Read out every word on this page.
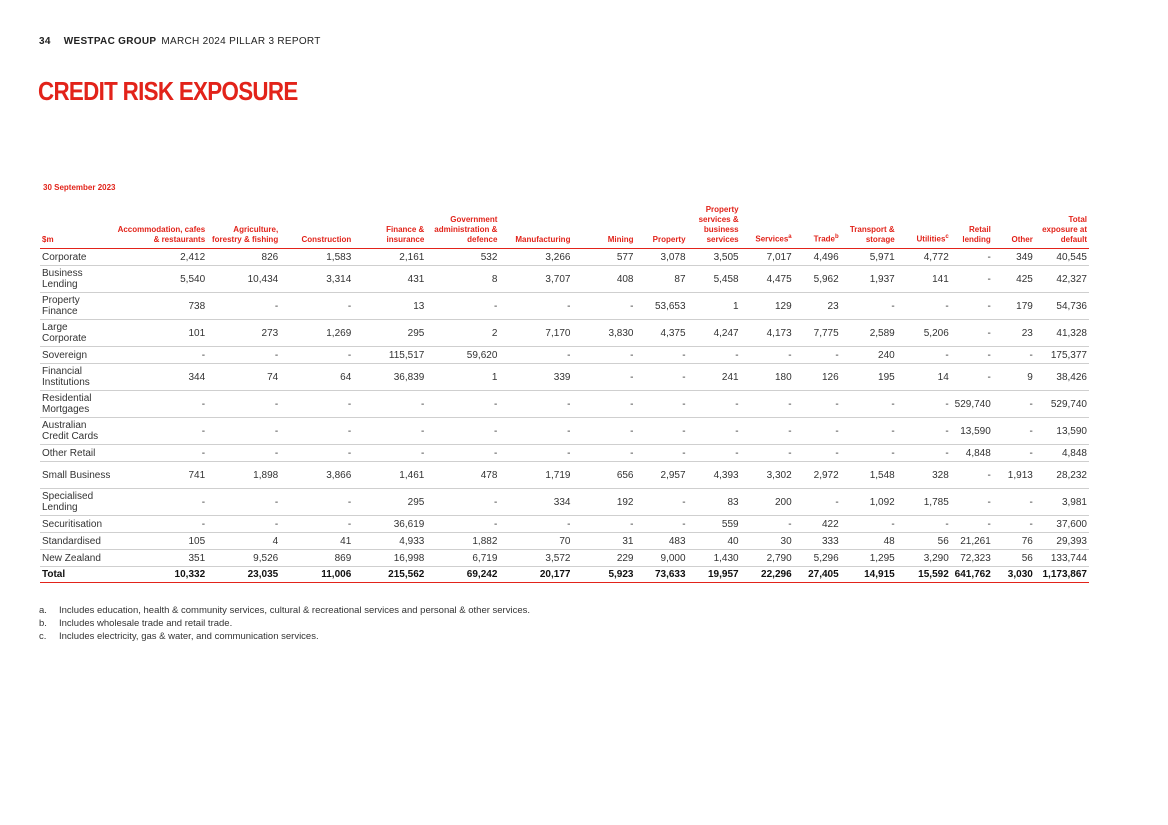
34 WESTPAC GROUP MARCH 2024 PILLAR 3 REPORT
CREDIT RISK EXPOSURE
30 September 2023
$m	Accommodation, cafes & restaurants	Agriculture, forestry & fishing	Construction	Finance & insurance	Government administration & defence	Manufacturing	Mining	Property	Property services & business services	Services$^a$	Trade$^b$	Transport & storage	Utilities$^c$	Retail lending	Other	Total exposure at default
Corporate	2,412	826	1,583	2,161	532	3,266	577	3,078	3,505	7,017	4,496	5,971	4,772	-	349	40,545
Business Lending	5,540	10,434	3,314	431	8	3,707	408	87	5,458	4,475	5,962	1,937	141	-	425	42,327
Property Finance	738	-	-	13	-	-	-	53,653	1	129	23	-	-	-	179	54,736
Large Corporate	101	273	1,269	295	2	7,170	3,830	4,375	4,247	4,173	7,775	2,589	5,206	-	23	41,328
Sovereign	-	-	-	115,517	59,620	-	-	-	-	-	-	240	-	-	-	175,377
Financial Institutions	344	74	64	36,839	1	339	-	-	241	180	126	195	14	-	9	38,426
Residential Mortgages	-	-	-	-	-	-	-	-	-	-	-	-	-	529,740	-	529,740
Australian Credit Cards	-	-	-	-	-	-	-	-	-	-	-	-	-	13,590	-	13,590
Other Retail	-	-	-	-	-	-	-	-	-	-	-	-	-	4,848	-	4,848
Small Business	741	1,898	3,866	1,461	478	1,719	656	2,957	4,393	3,302	2,972	1,548	328	-	1,913	28,232
Specialised Lending	-	-	-	295	-	334	192	-	83	200	-	1,092	1,785	-	-	3,981
Securitisation	-	-	-	36,619	-	-	-	-	559	-	422	-	-	-	-	37,600
Standardised	105	4	41	4,933	1,882	70	31	483	40	30	333	48	56	21,261	76	29,393
New Zealand	351	9,526	869	16,998	6,719	3,572	229	9,000	1,430	2,790	5,296	1,295	3,290	72,323	56	133,744
Total	10,332	23,035	11,006	215,562	69,242	20,177	5,923	73,633	19,957	22,296	27,405	14,915	15,592	641,762	3,030	1,173,867
a.	Includes education, health & community services, cultural & recreational services and personal & other services.
b.	Includes wholesale trade and retail trade.
c.	Includes electricity, gas & water, and communication services.
